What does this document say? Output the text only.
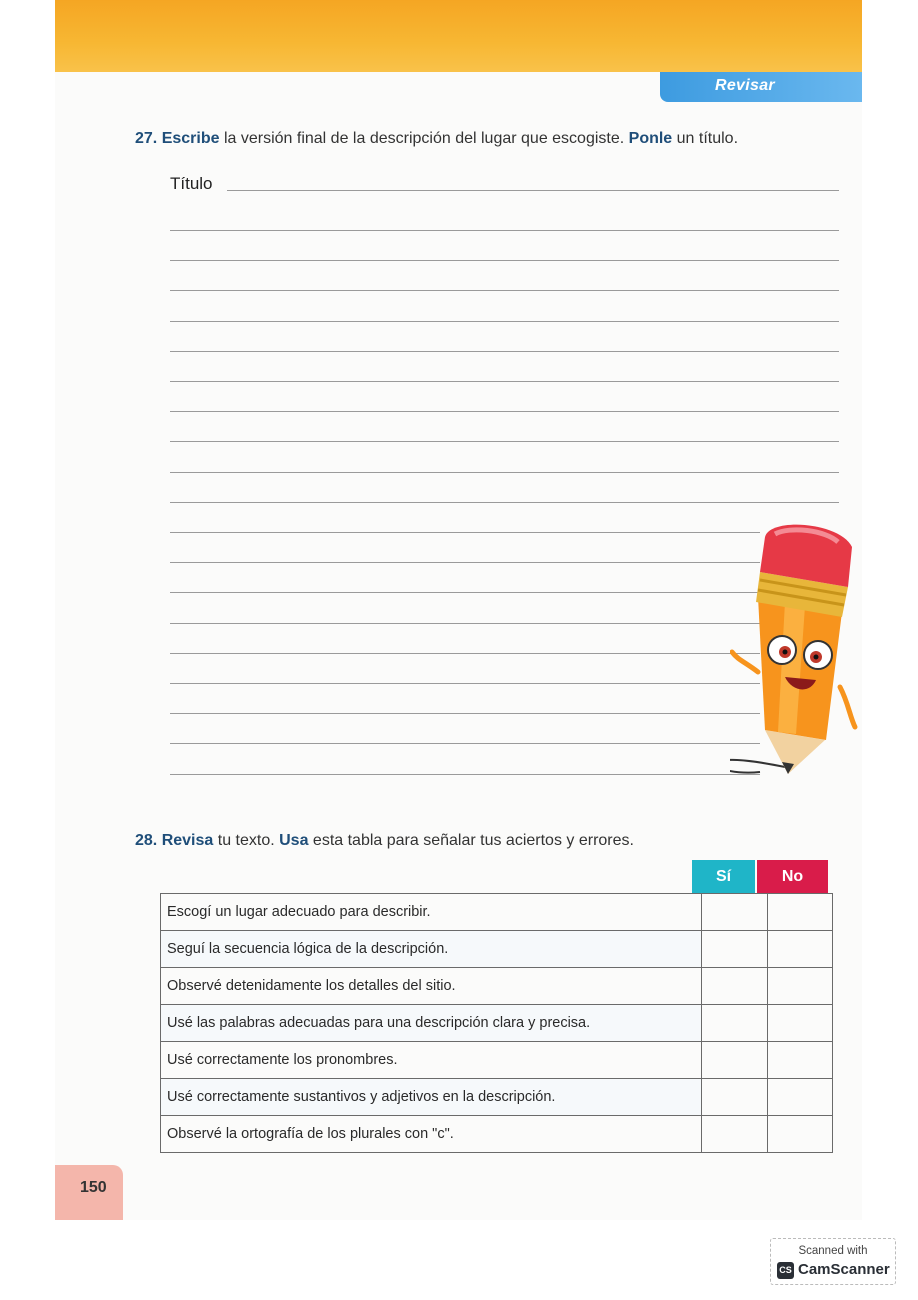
Revisar
27. Escribe la versión final de la descripción del lugar que escogiste. Ponle un título.
Título
28. Revisa tu texto. Usa esta tabla para señalar tus aciertos y errores.
Sí	No
Escogí un lugar adecuado para describir.		
Seguí la secuencia lógica de la descripción.		
Observé detenidamente los detalles del sitio.		
Usé las palabras adecuadas para una descripción clara y precisa.		
Usé correctamente los pronombres.		
Usé correctamente sustantivos y adjetivos en la descripción.		
Observé la ortografía de los plurales con "c".		
150
Scanned with
CS CamScanner
